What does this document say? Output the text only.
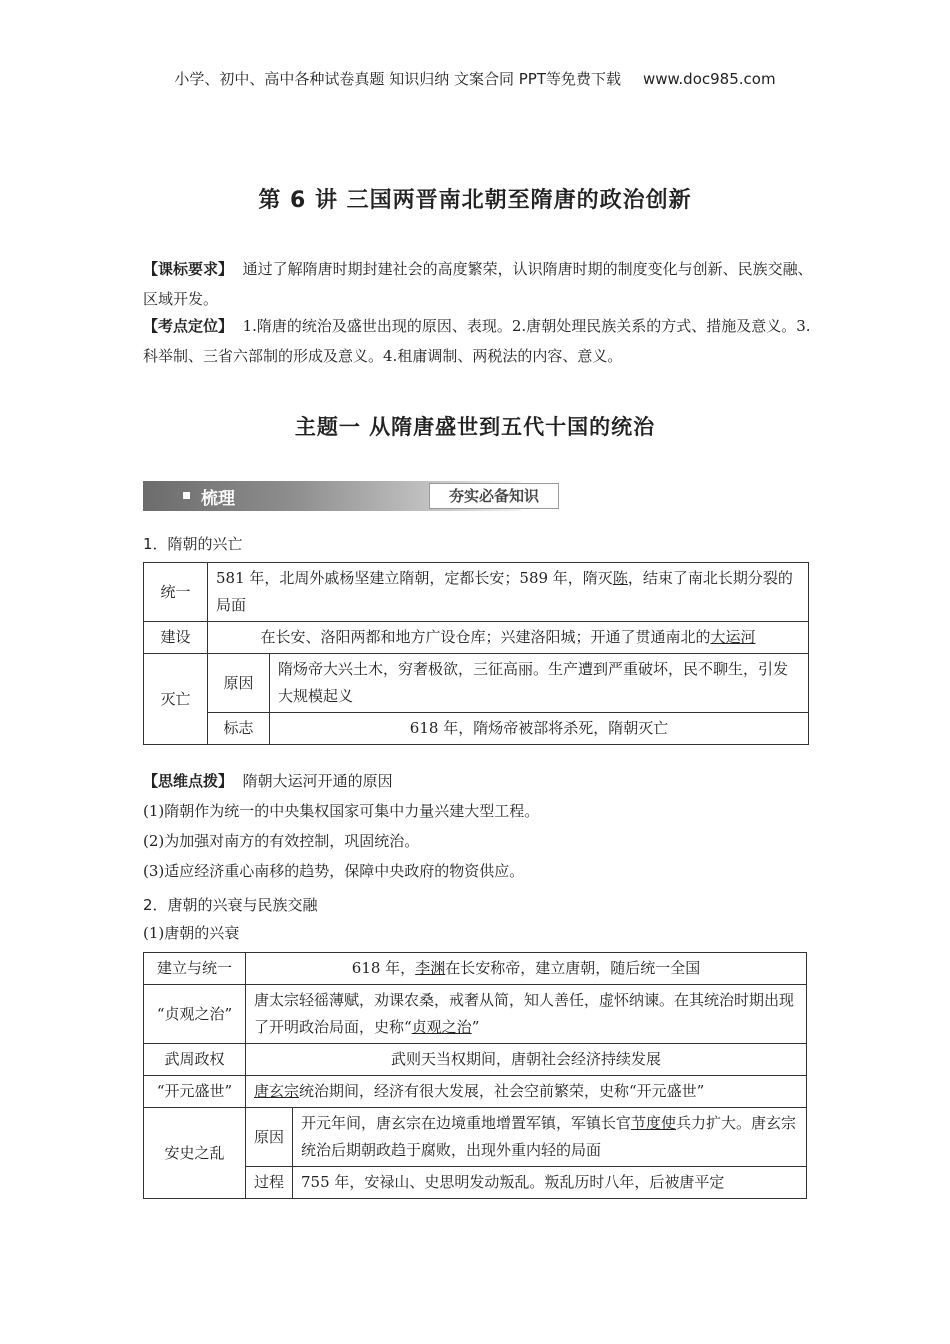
小学、初中、高中各种试卷真题 知识归纳 文案合同 PPT等免费下载 www.doc985.com
第 6 讲 三国两晋南北朝至隋唐的政治创新
【课标要求】 通过了解隋唐时期封建社会的高度繁荣，认识隋唐时期的制度变化与创新、民族交融、区域开发。
【考点定位】 1.隋唐的统治及盛世出现的原因、表现。2.唐朝处理民族关系的方式、措施及意义。3.科举制、三省六部制的形成及意义。4.租庸调制、两税法的内容、意义。
主题一 从隋唐盛世到五代十国的统治
梳理	夯实必备知识
1．隋朝的兴亡
统一	581 年，北周外戚杨坚建立隋朝，定都长安；589 年，隋灭陈，结束了南北长期分裂的局面	
建设	在长安、洛阳两都和地方广设仓库；兴建洛阳城；开通了贯通南北的大运河	
灭亡	原因	隋炀帝大兴土木，穷奢极欲，三征高丽。生产遭到严重破坏，民不聊生，引发大规模起义
	标志	618 年，隋炀帝被部将杀死，隋朝灭亡
【思维点拨】 隋朝大运河开通的原因
(1)隋朝作为统一的中央集权国家可集中力量兴建大型工程。
(2)为加强对南方的有效控制，巩固统治。
(3)适应经济重心南移的趋势，保障中央政府的物资供应。
2．唐朝的兴衰与民族交融
(1)唐朝的兴衰
建立与统一	618 年，李渊在长安称帝，建立唐朝，随后统一全国	
“贞观之治”	唐太宗轻徭薄赋，劝课农桑，戒奢从简，知人善任，虚怀纳谏。在其统治时期出现了开明政治局面，史称“贞观之治”	
武周政权	武则天当权期间，唐朝社会经济持续发展	
“开元盛世”	唐玄宗统治期间，经济有很大发展，社会空前繁荣，史称“开元盛世”	
安史之乱	原因	开元年间，唐玄宗在边境重地增置军镇，军镇长官节度使兵力扩大。唐玄宗统治后期朝政趋于腐败，出现外重内轻的局面
	过程	755 年，安禄山、史思明发动叛乱。叛乱历时八年，后被唐平定
